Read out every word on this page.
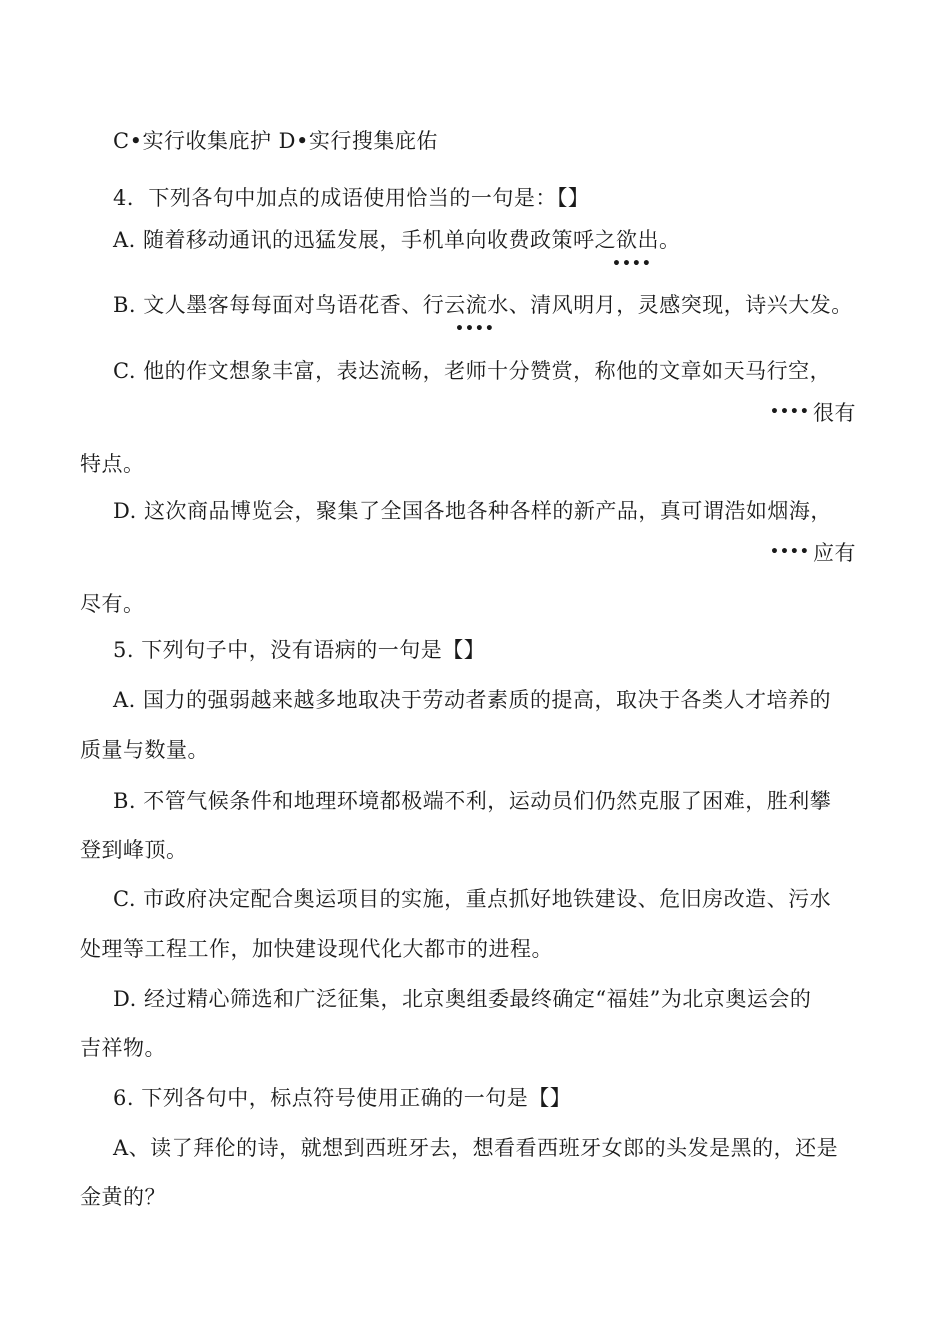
C•实行收集庇护 D•实行搜集庇佑
4．下列各句中加点的成语使用恰当的一句是：【】
A. 随着移动通讯的迅猛发展，手机单向收费政策呼之欲出。
••••
B. 文人墨客每每面对鸟语花香、行云流水、清风明月，灵感突现，诗兴大发。
••••
C. 他的作文想象丰富，表达流畅，老师十分赞赏，称他的文章如天马行空，
•••• 很有
特点。
D. 这次商品博览会，聚集了全国各地各种各样的新产品，真可谓浩如烟海，
•••• 应有
尽有。
5. 下列句子中，没有语病的一句是【】
A. 国力的强弱越来越多地取决于劳动者素质的提高，取决于各类人才培养的
质量与数量。
B. 不管气候条件和地理环境都极端不利，运动员们仍然克服了困难，胜利攀
登到峰顶。
C. 市政府决定配合奥运项目的实施，重点抓好地铁建设、危旧房改造、污水
处理等工程工作，加快建设现代化大都市的进程。
D. 经过精心筛选和广泛征集，北京奥组委最终确定“福娃”为北京奥运会的
吉祥物。
6. 下列各句中，标点符号使用正确的一句是【】
A、读了拜伦的诗，就想到西班牙去，想看看西班牙女郎的头发是黑的，还是
金黄的？
